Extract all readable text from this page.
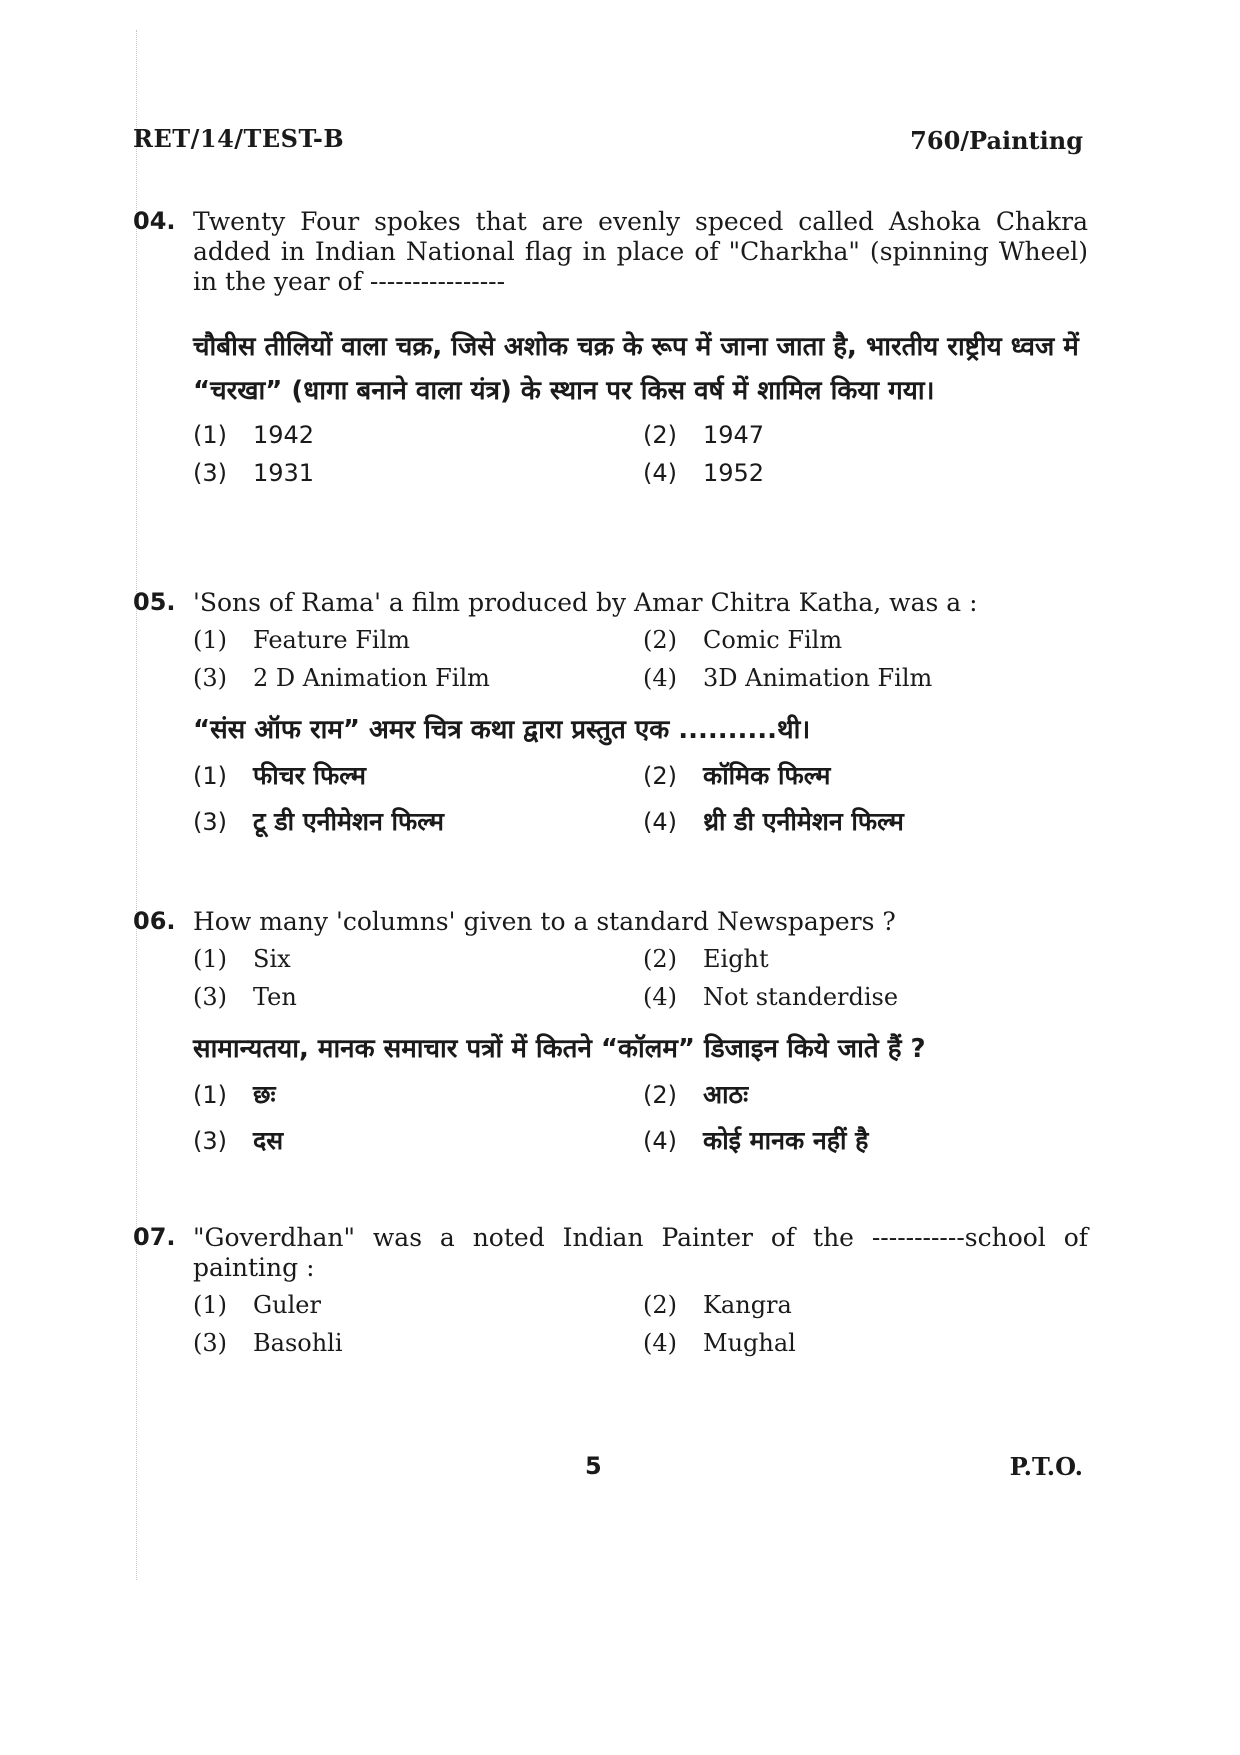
RET/14/TEST-B	760/Painting
04. Twenty Four spokes that are evenly speced called Ashoka Chakra added in Indian National flag in place of "Charkha" (spinning Wheel) in the year of ----------------
चौबीस तीलियों वाला चक्र, जिसे अशोक चक्र के रूप में जाना जाता है, भारतीय राष्ट्रीय ध्वज में “चरखा” (धागा बनाने वाला यंत्र) के स्थान पर किस वर्ष में शामिल किया गया।
(1)	1942	(2)	1947
(3)	1931	(4)	1952
05. 'Sons of Rama' a film produced by Amar Chitra Katha, was a :
(1)	Feature Film	(2)	Comic Film
(3)	2 D Animation Film	(4)	3D Animation Film
“संस ऑफ राम” अमर चित्र कथा द्वारा प्रस्तुत एक ..........थी।
(1)	फीचर फिल्म	(2)	कॉमिक फिल्म
(3)	टू डी एनीमेशन फिल्म	(4)	थ्री डी एनीमेशन फिल्म
06. How many 'columns' given to a standard Newspapers ?
(1)	Six	(2)	Eight
(3)	Ten	(4)	Not standerdise
सामान्यतया, मानक समाचार पत्रों में कितने “कॉलम” डिजाइन किये जाते हैं ?
(1)	छः	(2)	आठः
(3)	दस	(4)	कोई मानक नहीं है
07. "Goverdhan" was a noted Indian Painter of the -----------school of painting :
(1)	Guler	(2)	Kangra
(3)	Basohli	(4)	Mughal
5	P.T.O.
